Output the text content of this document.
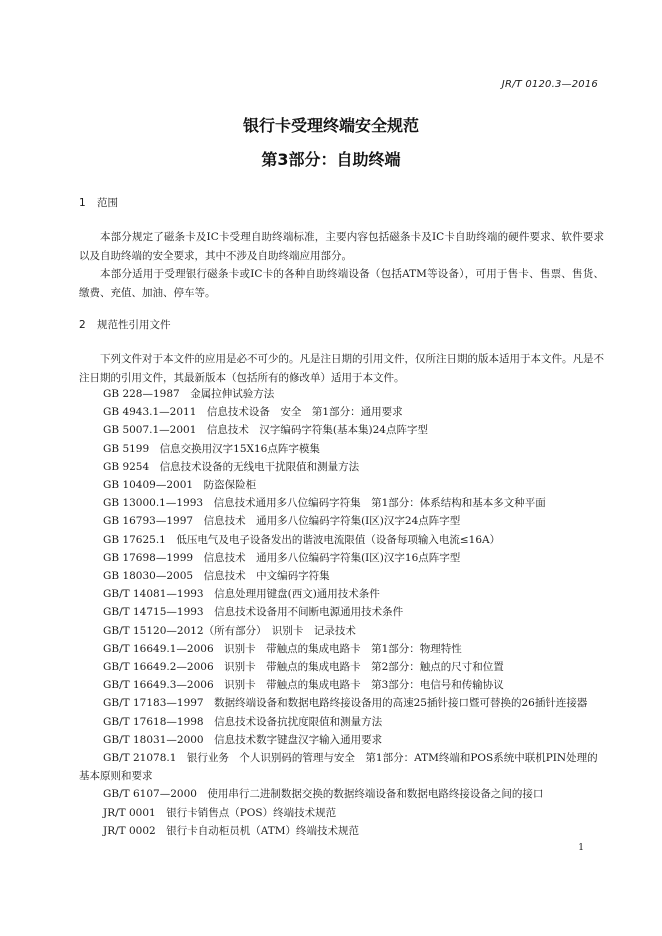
JR/T 0120.3—2016
银行卡受理终端安全规范
第3部分：自助终端
1 范围
本部分规定了磁条卡及IC卡受理自助终端标准，主要内容包括磁条卡及IC卡自助终端的硬件要求、软件要求以及自助终端的安全要求，其中不涉及自助终端应用部分。
本部分适用于受理银行磁条卡或IC卡的各种自助终端设备（包括ATM等设备），可用于售卡、售票、售货、缴费、充值、加油、停车等。
2 规范性引用文件
下列文件对于本文件的应用是必不可少的。凡是注日期的引用文件，仅所注日期的版本适用于本文件。凡是不注日期的引用文件，其最新版本（包括所有的修改单）适用于本文件。
GB 228—1987　金属拉伸试验方法
GB 4943.1—2011　信息技术设备　安全　第1部分：通用要求
GB 5007.1—2001　信息技术　汉字编码字符集(基本集)24点阵字型
GB 5199　信息交换用汉字15X16点阵字模集
GB 9254　信息技术设备的无线电干扰限值和测量方法
GB 10409—2001　防盗保险柜
GB 13000.1—1993　信息技术通用多八位编码字符集　第1部分：体系结构和基本多文种平面
GB 16793—1997　信息技术　通用多八位编码字符集(Ⅰ区)汉字24点阵字型
GB 17625.1　低压电气及电子设备发出的谐波电流限值（设备每项输入电流≤16A）
GB 17698—1999　信息技术　通用多八位编码字符集(Ⅰ区)汉字16点阵字型
GB 18030—2005　信息技术　中文编码字符集
GB/T 14081—1993　信息处理用键盘(西文)通用技术条件
GB/T 14715—1993　信息技术设备用不间断电源通用技术条件
GB/T 15120—2012（所有部分）　识别卡　记录技术
GB/T 16649.1—2006　识别卡　带触点的集成电路卡　第1部分：物理特性
GB/T 16649.2—2006　识别卡　带触点的集成电路卡　第2部分：触点的尺寸和位置
GB/T 16649.3—2006　识别卡　带触点的集成电路卡　第3部分：电信号和传输协议
GB/T 17183—1997　数据终端设备和数据电路终接设备用的高速25插针接口暨可替换的26插针连接器
GB/T 17618—1998　信息技术设备抗扰度限值和测量方法
GB/T 18031—2000　信息技术数字键盘汉字输入通用要求
GB/T 21078.1　银行业务　个人识别码的管理与安全　第1部分：ATM终端和POS系统中联机PIN处理的基本原则和要求
GB/T 6107—2000　使用串行二进制数据交换的数据终端设备和数据电路终接设备之间的接口
JR/T 0001　银行卡销售点（POS）终端技术规范
JR/T 0002　银行卡自动柜员机（ATM）终端技术规范
1
